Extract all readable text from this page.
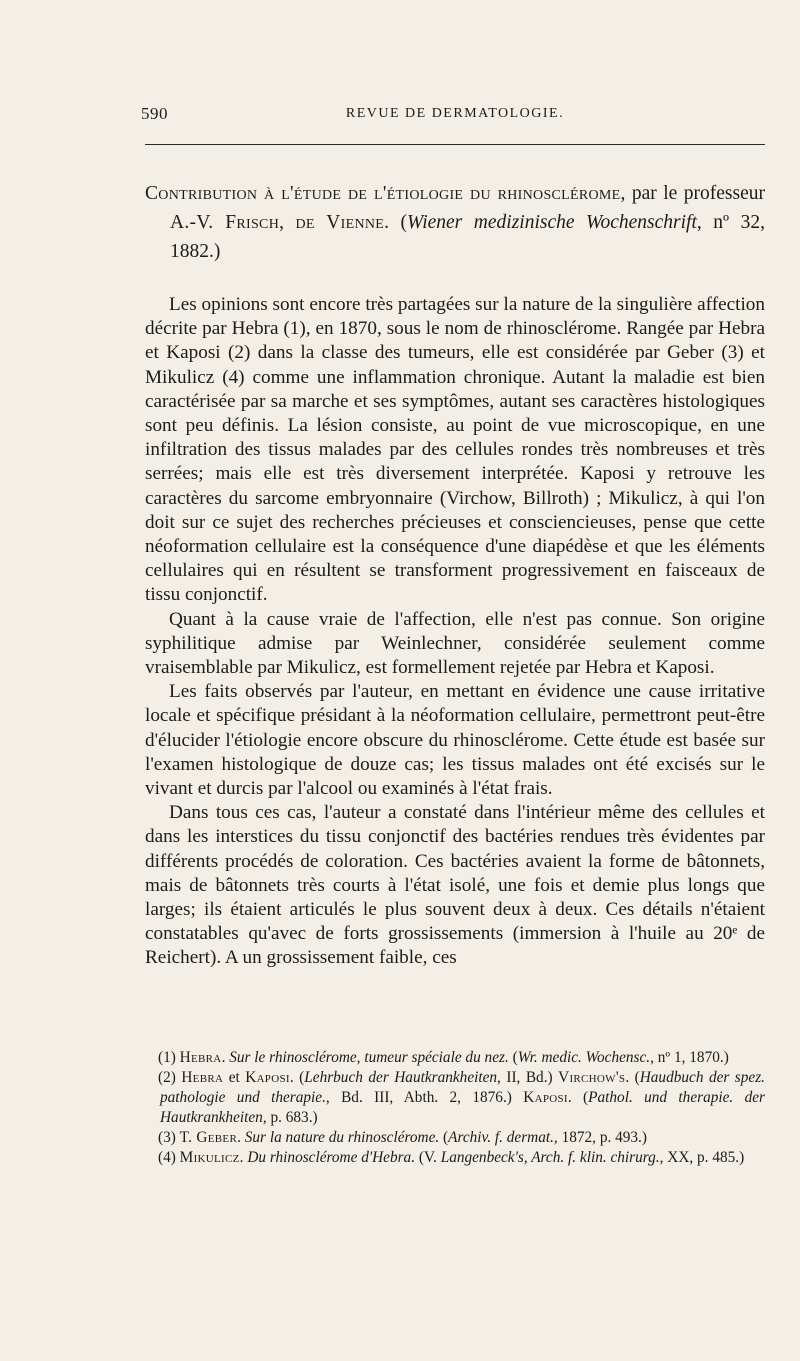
590	REVUE DE DERMATOLOGIE.
Contribution à l'étude de l'étiologie du rhinosclérome, par le professeur A.-V. Frisch, de Vienne. (Wiener medizinische Wochenschrift, nº 32, 1882.)

Les opinions sont encore très partagées sur la nature de la singulière affection décrite par Hebra (1), en 1870, sous le nom de rhinosclérome. Rangée par Hebra et Kaposi (2) dans la classe des tumeurs, elle est considérée par Geber (3) et Mikulicz (4) comme une inflammation chronique. Autant la maladie est bien caractérisée par sa marche et ses symptômes, autant ses caractères histologiques sont peu définis. La lésion consiste, au point de vue microscopique, en une infiltration des tissus malades par des cellules rondes très nombreuses et très serrées; mais elle est très diversement interprétée. Kaposi y retrouve les caractères du sarcome embryonnaire (Virchow, Billroth) ; Mikulicz, à qui l'on doit sur ce sujet des recherches précieuses et consciencieuses, pense que cette néoformation cellulaire est la conséquence d'une diapédèse et que les éléments cellulaires qui en résultent se transforment progressivement en faisceaux de tissu conjonctif.

Quant à la cause vraie de l'affection, elle n'est pas connue. Son origine syphilitique admise par Weinlechner, considérée seulement comme vraisemblable par Mikulicz, est formellement rejetée par Hebra et Kaposi.

Les faits observés par l'auteur, en mettant en évidence une cause irritative locale et spécifique présidant à la néoformation cellulaire, permettront peut-être d'élucider l'étiologie encore obscure du rhinosclérome. Cette étude est basée sur l'examen histologique de douze cas; les tissus malades ont été excisés sur le vivant et durcis par l'alcool ou examinés à l'état frais.

Dans tous ces cas, l'auteur a constaté dans l'intérieur même des cellules et dans les interstices du tissu conjonctif des bactéries rendues très évidentes par différents procédés de coloration. Ces bactéries avaient la forme de bâtonnets, mais de bâtonnets très courts à l'état isolé, une fois et demie plus longs que larges; ils étaient articulés le plus souvent deux à deux. Ces détails n'étaient constatables qu'avec de forts grossissements (immersion à l'huile au 20ᵉ de Reichert). A un grossissement faible, ces

(1) Hebra. Sur le rhinosclérome, tumeur spéciale du nez. (Wr. medic. Wochensc., nº 1, 1870.)

(2) Hebra et Kaposi. (Lehrbuch der Hautkrankheiten, II, Bd.) Virchow's. (Haudbuch der spez. pathologie und therapie., Bd. III, Abth. 2, 1876.) Kaposi. (Pathol. und therapie. der Hautkrankheiten, p. 683.)

(3) T. Geber. Sur la nature du rhinosclérome. (Archiv. f. dermat., 1872, p. 493.)

(4) Mikulicz. Du rhinosclérome d'Hebra. (V. Langenbeck's, Arch. f. klin. chirurg., XX, p. 485.)
